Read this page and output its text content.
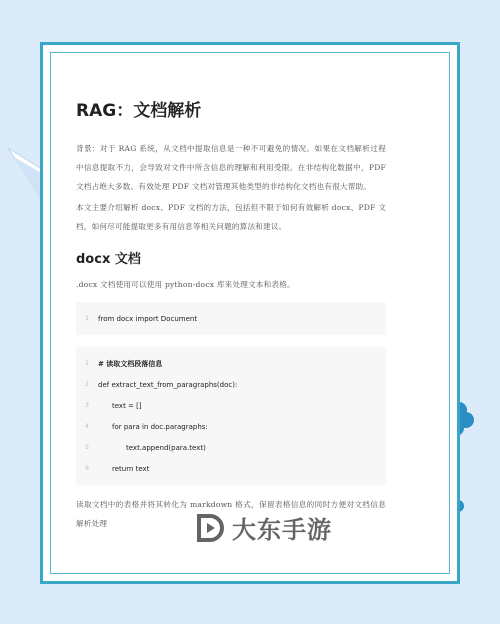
RAG：文档解析

背景：对于 RAG 系统，从文档中提取信息是一种不可避免的情况。如果在文档解析过程中信息提取不力，会导致对文件中所含信息的理解和利用受限。在非结构化数据中，PDF 文档占绝大多数。有效处理 PDF 文档对管理其他类型的非结构化文档也有很大帮助。

本文主要介绍解析 docx、PDF 文档的方法，包括但不限于如何有效解析 docx、PDF 文档，如何尽可能提取更多有用信息等相关问题的算法和建议。

docx 文档

.docx 文档使用可以使用 python-docx 库来处理文本和表格。

1	from docx import Document
1	# 读取文档段落信息
2	def extract_text_from_paragraphs(doc):
3	text = []
4	for para in doc.paragraphs:
5	text.append(para.text)
6	return text

读取文档中的表格并将其转化为 markdown 格式，保留表格信息的同时方便对文档信息解析处理	大东手游
